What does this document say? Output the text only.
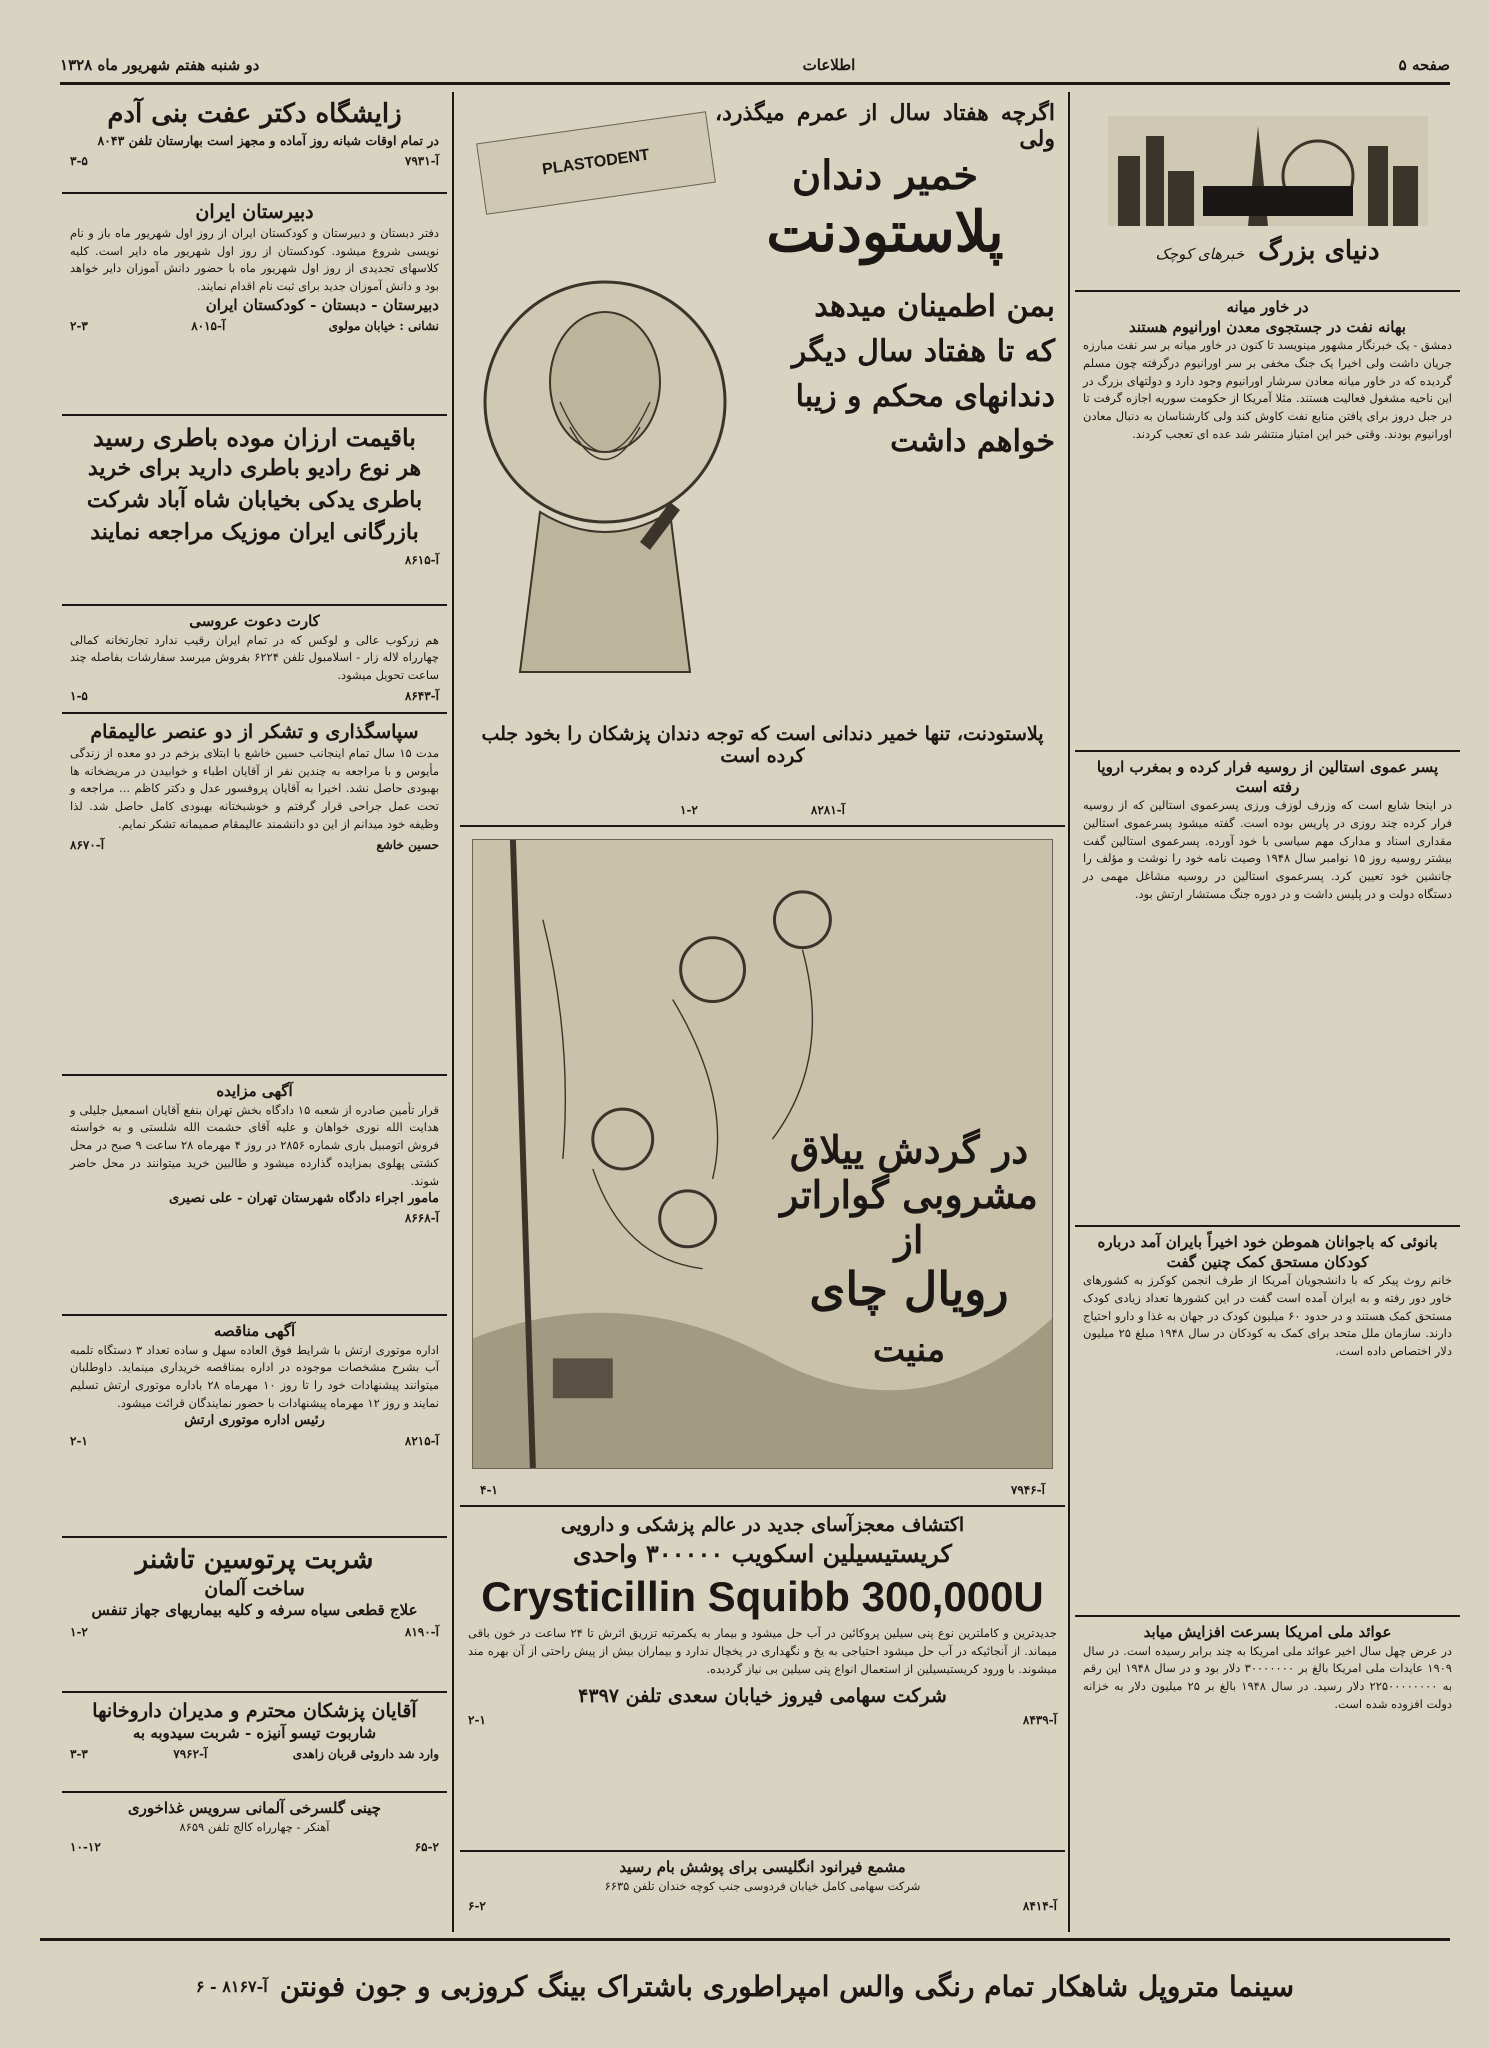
صفحه ۵
اطلاعات
دو شنبه هفتم شهریور ماه ۱۳۲۸
دنیای بزرگ
خبرهای کوچک
در خاور میانه
بهانه نفت در جستجوی معدن اورانیوم هستند
دمشق - یک خبرنگار مشهور مینویسد تا کنون در خاور میانه بر سر نفت مبارزه جریان داشت ولی اخیرا یک جنگ مخفی بر سر اورانیوم درگرفته چون مسلم گردیده که در خاور میانه معادن سرشار اورانیوم وجود دارد و دولتهای بزرگ در این ناحیه مشغول فعالیت هستند. مثلا آمریکا از حکومت سوریه اجازه گرفت تا در جبل دروز برای یافتن منابع نفت کاوش کند ولی کارشناسان به دنبال معادن اورانیوم بودند. وقتی خبر این امتیاز منتشر شد عده ای تعجب کردند.
پسر عموی استالین از روسیه فرار کرده و بمغرب اروپا رفته است
در اینجا شایع است که وزرف لوزف ورزی پسرعموی استالین که از روسیه فرار کرده چند روزی در پاریس بوده است. گفته میشود پسرعموی استالین مقداری اسناد و مدارک مهم سیاسی با خود آورده. پسرعموی استالین گفت بیشتر روسیه روز ۱۵ نوامبر سال ۱۹۴۸ وصیت نامه خود را نوشت و مؤلف را جانشین خود تعیین کرد. پسرعموی استالین در روسیه مشاغل مهمی در دستگاه دولت و در پلیس داشت و در دوره جنگ مستشار ارتش بود.
بانوئی که باجوانان هموطن خود اخیراً بایران آمد درباره کودکان مستحق کمک چنین گفت
خانم روث پیکر که با دانشجویان آمریکا از طرف انجمن کوکرز به کشورهای خاور دور رفته و به ایران آمده است گفت در این کشورها تعداد زیادی کودک مستحق کمک هستند و در حدود ۶۰ میلیون کودک در جهان به غذا و دارو احتیاج دارند. سازمان ملل متحد برای کمک به کودکان در سال ۱۹۴۸ مبلغ ۲۵ میلیون دلار اختصاص داده است.
عوائد ملی امریکا بسرعت افزایش میابد
در عرض چهل سال اخیر عوائد ملی امریکا به چند برابر رسیده است. در سال ۱۹۰۹ عایدات ملی امریکا بالغ بر ۳۰۰۰۰۰۰۰ دلار بود و در سال ۱۹۴۸ این رقم به ۲۲۵۰۰۰۰۰۰۰۰ دلار رسید. در سال ۱۹۴۸ بالغ بر ۲۵ میلیون دلار به خزانه دولت افزوده شده است.
اگرچه هفتاد سال از عمرم میگذرد، ولی
خمیر دندان
پلاستودنت
بمن اطمینان میدهد
که تا هفتاد سال دیگر
دندانهای محکم و زیبا
خواهم داشت
PLASTODENT
پلاستودنت، تنها خمیر دندانی است که توجه دندان پزشکان را بخود جلب کرده است
آ-۸۲۸۱
۱-۲
در گردش ییلاق
مشروبی گواراتر از
رویال چای
منیت
آ-۷۹۴۶
۴-۱
اکتشاف معجزآسای جدید در عالم پزشکی و دارویی
کریستیسیلین اسکویب ۳۰۰۰۰۰ واحدی
Crysticillin Squibb 300,000U
جدیدترین و کاملترین نوع پنی سیلین پروکائین در آب حل میشود و بیمار به یکمرتبه تزریق اثرش تا ۲۴ ساعت در خون باقی میماند. از آنجائیکه در آب حل میشود احتیاجی به یخ و نگهداری در یخچال ندارد و بیماران بیش از پیش راحتی از آن بهره مند میشوند. با ورود کریستیسیلین از استعمال انواع پنی سیلین بی نیاز گردیده.
شرکت سهامی فیروز خیابان سعدی تلفن ۴۳۹۷
آ-۸۴۳۹
۲-۱
مشمع فیرانود انگلیسی برای پوشش بام رسید
شرکت سهامی کامل خیابان فردوسی جنب کوچه خندان تلفن ۶۶۳۵
آ-۸۴۱۴
۶-۲
زایشگاه دکتر عفت بنی آدم
در تمام اوقات شبانه روز آماده و مجهز است بهارستان تلفن ۸۰۴۳
آ-۷۹۳۱
۳-۵
دبیرستان ایران
دفتر دبستان و دبیرستان و کودکستان ایران از روز اول شهریور ماه باز و نام نویسی شروع میشود. کودکستان از روز اول شهریور ماه دایر است. کلیه کلاسهای تجدیدی از روز اول شهریور ماه با حضور دانش آموزان دایر خواهد بود و دانش آموزان جدید برای ثبت نام اقدام نمایند.
دبیرستان - دبستان - کودکستان ایران
نشانی : خیابان مولوی
آ-۸۰۱۵
۲-۳
باقیمت ارزان موده باطری رسید
هر نوع رادیو باطری دارید برای خرید باطری یدکی بخیابان شاه آباد شرکت بازرگانی ایران موزیک مراجعه نمایند
آ-۸۶۱۵
کارت دعوت عروسی
هم زرکوب عالی و لوکس که در تمام ایران رقیب ندارد تجارتخانه کمالی چهارراه لاله زار - اسلامبول تلفن ۶۲۲۴ بفروش میرسد سفارشات بفاصله چند ساعت تحویل میشود.
آ-۸۶۴۳
۱-۵
سپاسگذاری و تشکر از دو عنصر عالیمقام
مدت ۱۵ سال تمام اینجانب حسین خاشع با ابتلای بزخم در دو معده از زندگی مأیوس و با مراجعه به چندین نفر از آقایان اطباء و خوابیدن در مریضخانه ها بهبودی حاصل نشد. اخیرا به آقایان پروفسور عدل و دکتر کاظم ... مراجعه و تحت عمل جراحی قرار گرفتم و خوشبختانه بهبودی کامل حاصل شد. لذا وظیفه خود میدانم از این دو دانشمند عالیمقام صمیمانه تشکر نمایم.
حسین خاشع
آ-۸۶۷۰
آگهی مزایده
قرار تأمین صادره از شعبه ۱۵ دادگاه بخش تهران بنفع آقایان اسمعیل جلیلی و هدایت الله نوری خواهان و علیه آقای حشمت الله شلستی و به خواسته فروش اتومبیل باری شماره ۲۸۵۶ در روز ۴ مهرماه ۲۸ ساعت ۹ صبح در محل کشتی پهلوی بمزایده گذارده میشود و طالبین خرید میتوانند در محل حاضر شوند.
مامور اجراء دادگاه شهرستان تهران - علی نصیری
آ-۸۶۶۸
آگهی مناقصه
اداره موتوری ارتش با شرایط فوق العاده سهل و ساده تعداد ۳ دستگاه تلمبه آب بشرح مشخصات موجوده در اداره بمناقصه خریداری مینماید. داوطلبان میتوانند پیشنهادات خود را تا روز ۱۰ مهرماه ۲۸ باداره موتوری ارتش تسلیم نمایند و روز ۱۲ مهرماه پیشنهادات با حضور نمایندگان قرائت میشود.
رئیس اداره موتوری ارتش
آ-۸۲۱۵
۲-۱
شربت پرتوسین تاشنر
ساخت آلمان
علاج قطعی سیاه سرفه و کلیه بیماریهای جهاز تنفس
آ-۸۱۹۰
۱-۲
آقایان پزشکان محترم و مدیران داروخانها
شاربوت تیسو آنیزه - شربت سیدوبه به
وارد شد داروئی قربان زاهدی
آ-۷۹۶۲
۳-۳
چینی گلسرخی آلمانی سرویس غذاخوری
آهنکر - چهارراه کالج تلفن ۸۶۵۹
۶۵-۲
۱۰-۱۲
سینما متروپل شاهکار تمام رنگی والس امپراطوری باشتراک بینگ کروزبی و جون فونتن
آ-۸۱۶۷ - ۶
